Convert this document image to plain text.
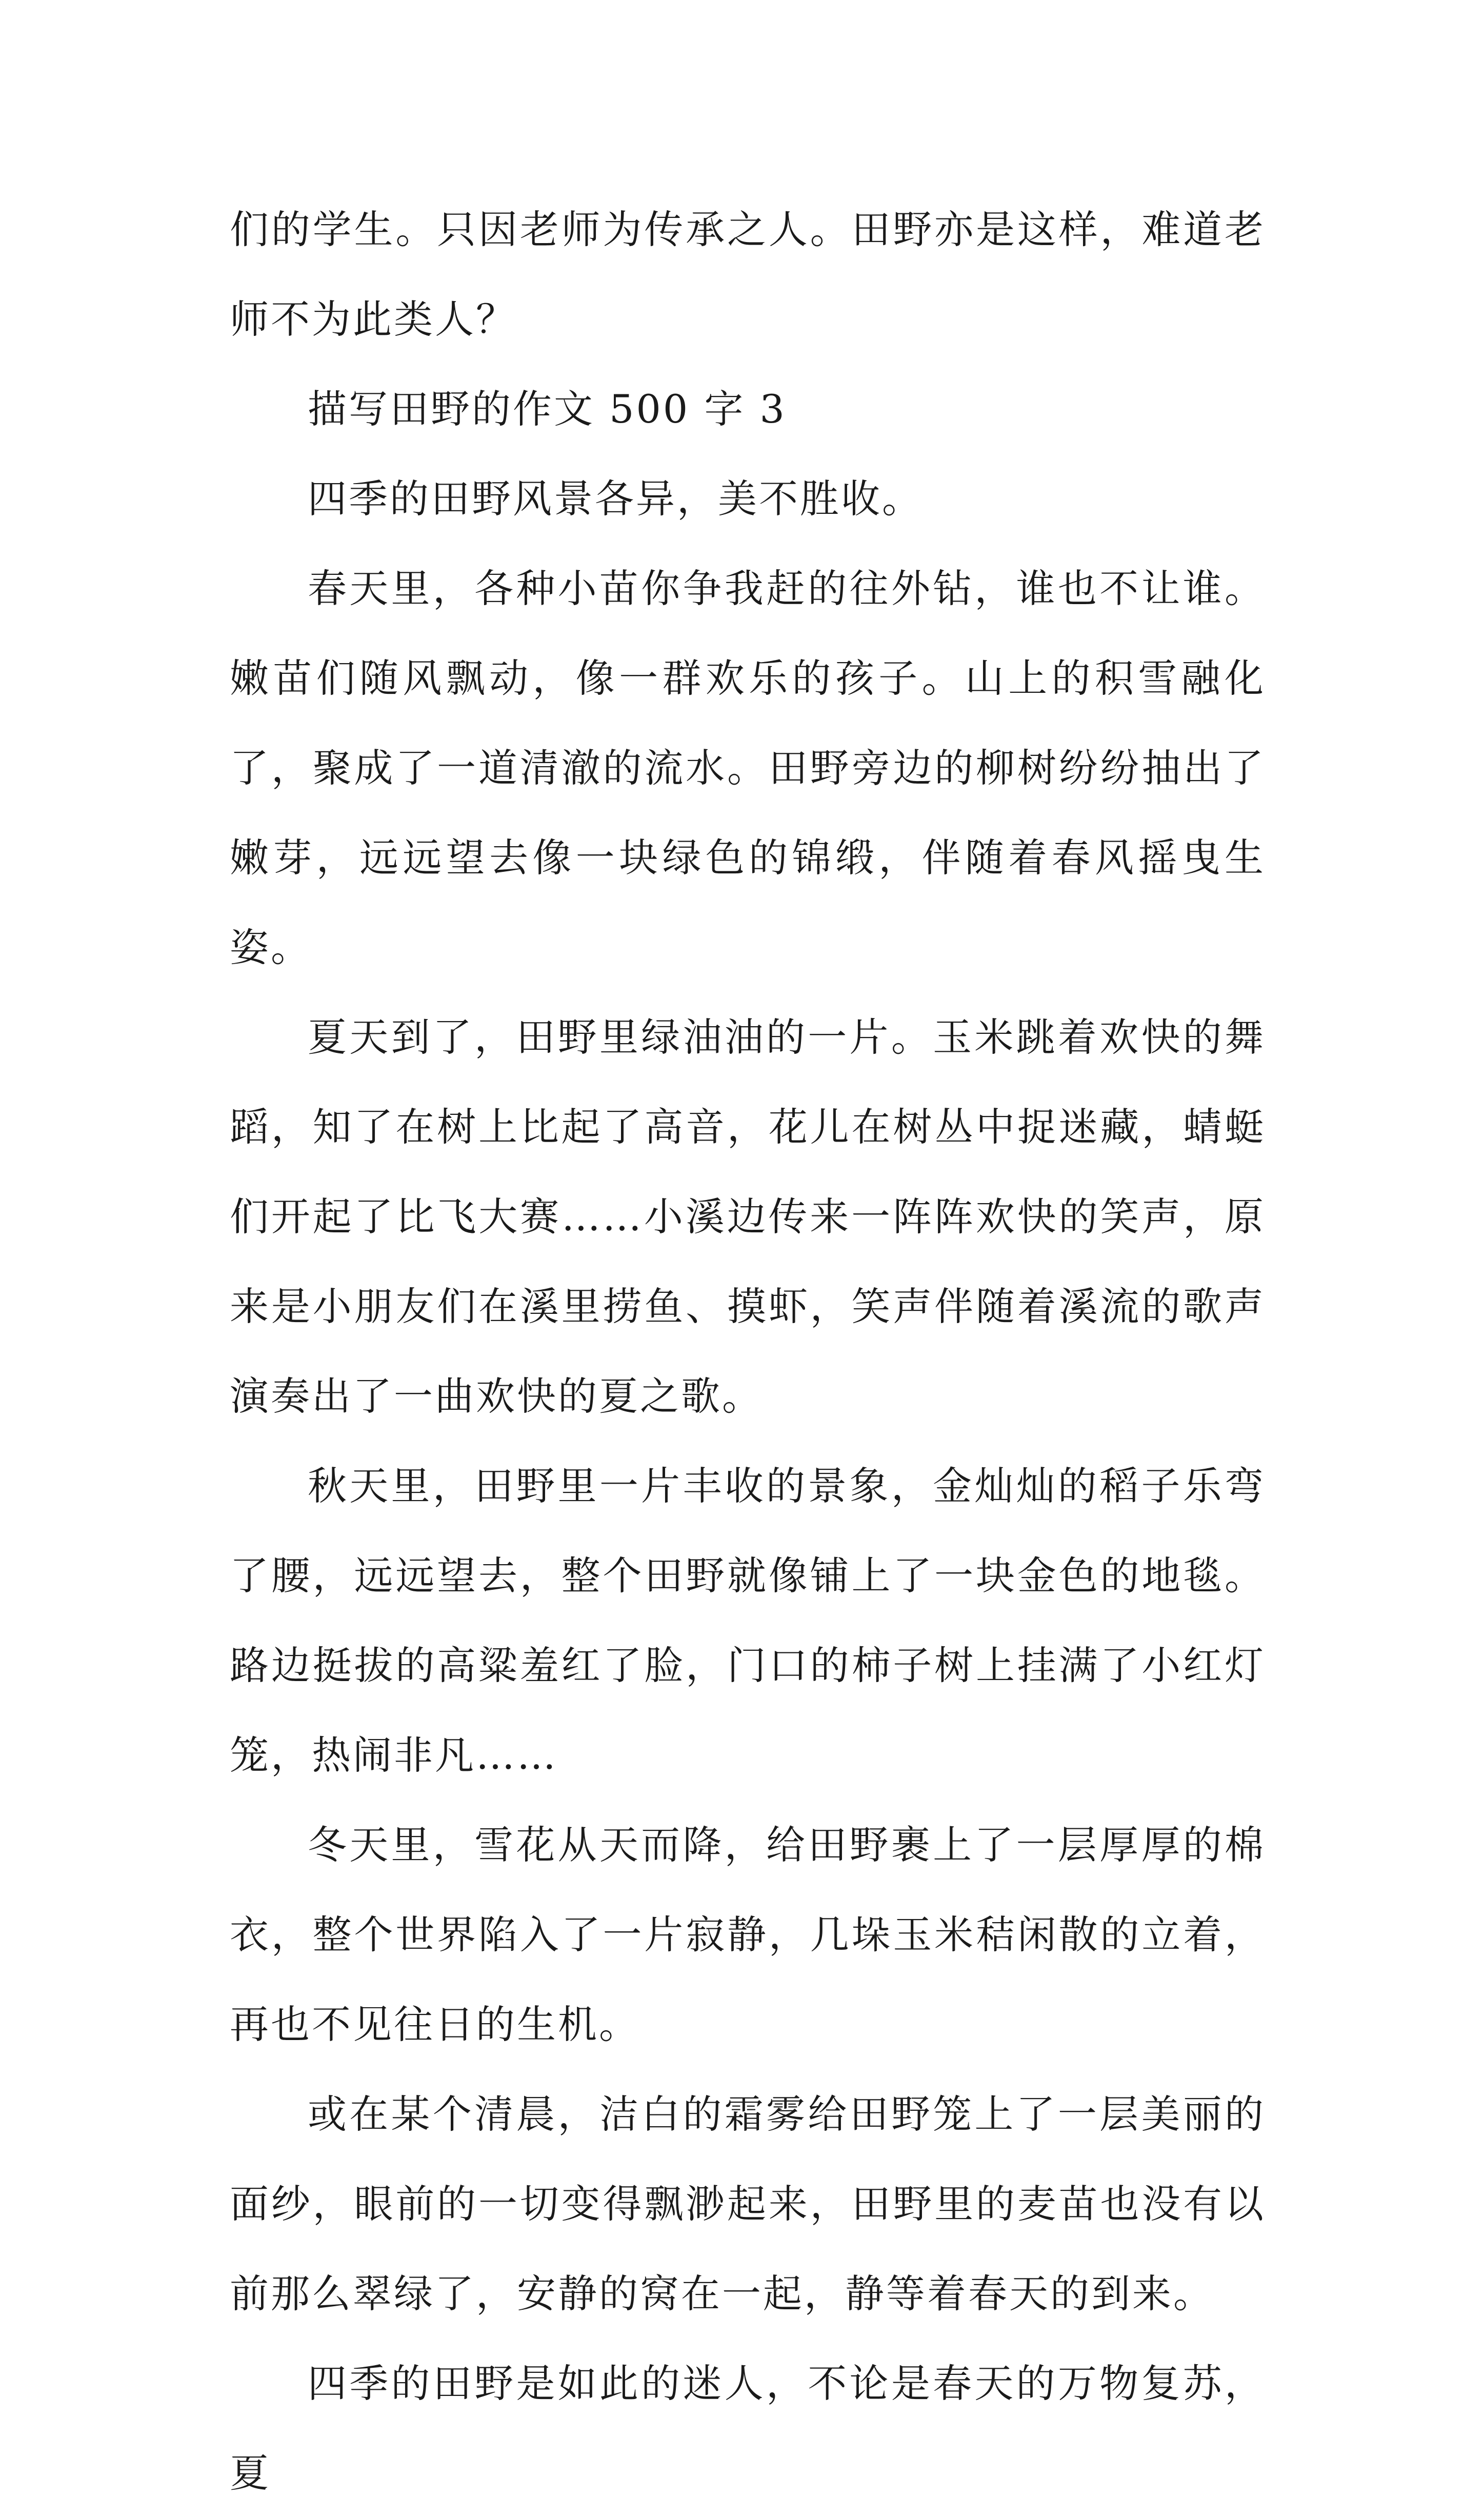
们的学生。只因老师为传承之人。田野亦是这样，难道老师不为此类人？

描写田野的作文 500 字 3

四季的田野风景各异，美不胜收。

春天里，各种小苗你争我赶的往外钻，谁也不让谁。嫩苗们随风飘动，像一群欢乐的孩子。山上的积雪融化了，聚成了一道清澈的流水。田野旁边的柳树纷纷抽出了嫩芽，远远望去像一块绿色的锦缎，伴随着春风摇曳生姿。

夏天到了，田野里绿油油的一片。玉米跳着欢快的舞蹈，知了在树上比起了高音，花儿在树丛中捉迷藏，蜻蜓们开起了比飞大赛……小溪边传来一阵阵欢快的笑声，原来是小朋友们在溪里捞鱼、摸虾，笑声伴随着溪流的歌声演奏出了一曲欢快的夏之歌。

秋天里，田野里一片丰收的景象，金灿灿的稻子乐弯了腰，远远望去，整个田野就像铺上了一块金色的地毯。路边挺拔的高粱羞红了脸，门口的柿子树上挂满了小红灯笼，热闹非凡……

冬天里，雪花从天而降，给田野裹上了一层厚厚的棉衣，整个世界陷入了一片寂静，几垛玉米秸闲散的立着，再也不见往日的生机。

或在某个清晨，洁白的霜雾给田野笼上了一层美丽的面纱，眼前的一切变得飘渺起来，田野里的麦苗也没有以前那么翠绿了，安静的窝在一起，静等着春天的到来。

四季的田野是如此的迷人，不论是春天的万物复苏，夏
